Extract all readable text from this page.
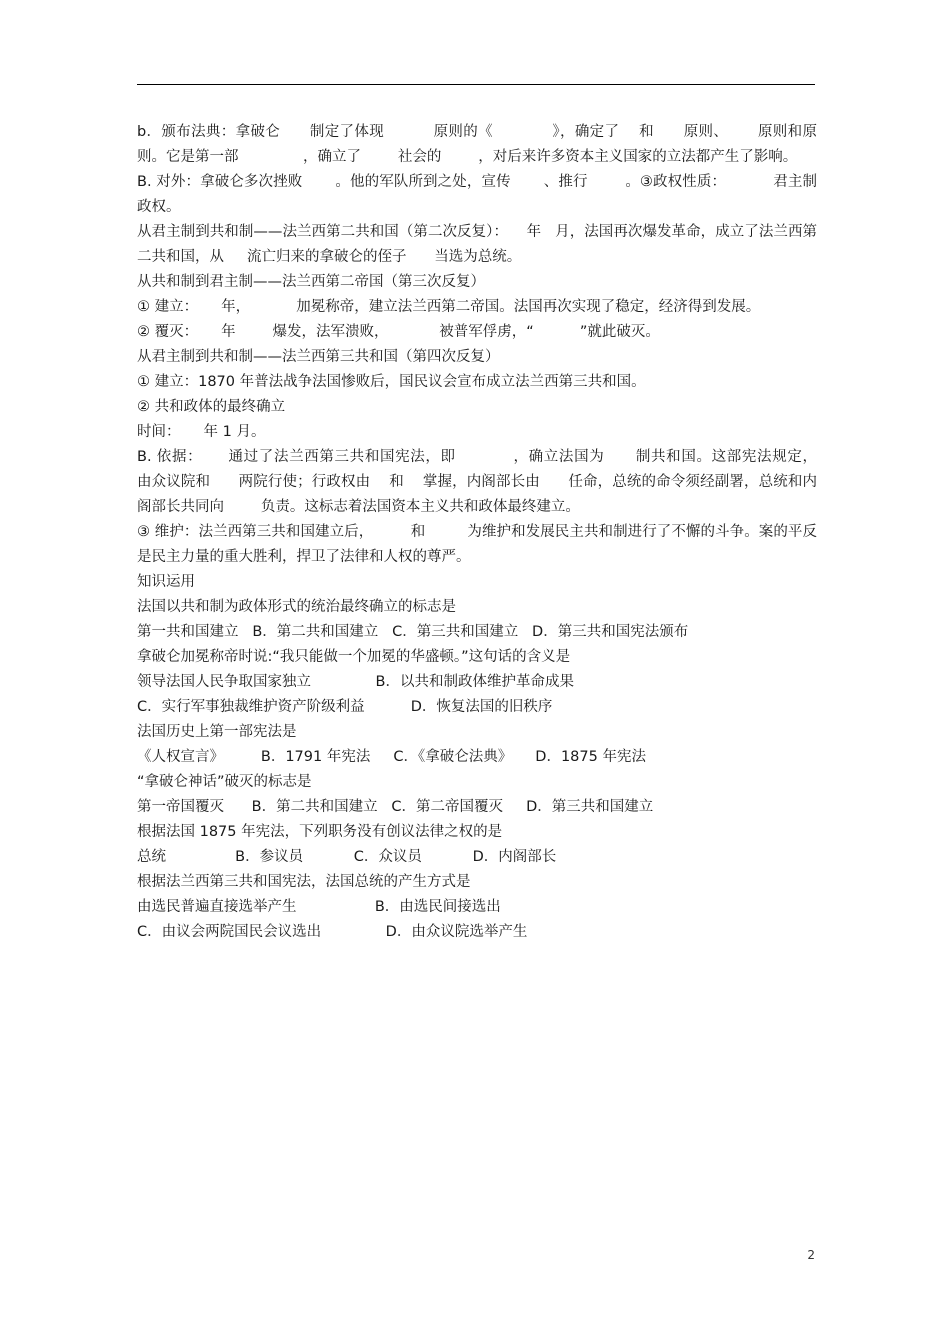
b．颁布法典：拿破仑      制定了体现          原则的《            》，确定了    和      原则、      原则和原则。它是第一部              ，确立了        社会的        ，对后来许多资本主义国家的立法都产生了影响。

B. 对外：拿破仑多次挫败       。他的军队所到之处，宣传       、推行        。③政权性质：          君主制政权。

从君主制到共和制——法兰西第二共和国（第二次反复）：    年   月，法国再次爆发革命，成立了法兰西第二共和国，从     流亡归来的拿破仑的侄子      当选为总统。

从共和制到君主制——法兰西第二帝国（第三次反复）

① 建立：     年，          加冕称帝，建立法兰西第二帝国。法国再次实现了稳定，经济得到发展。

② 覆灭：     年        爆发，法军溃败，           被普军俘虏，“          ”就此破灭。

从君主制到共和制——法兰西第三共和国（第四次反复）

① 建立：1870 年普法战争法国惨败后，国民议会宣布成立法兰西第三共和国。

② 共和政体的最终确立

时间：     年 1 月。

B. 依据：     通过了法兰西第三共和国宪法，即           ，确立法国为      制共和国。这部宪法规定，      由众议院和      两院行使；行政权由    和    掌握，内阁部长由      任命，总统的命令须经副署，总统和内阁部长共同向        负责。这标志着法国资本主义共和政体最终建立。

③ 维护：法兰西第三共和国建立后，        和         为维护和发展民主共和制进行了不懈的斗争。案的平反是民主力量的重大胜利，捍卫了法律和人权的尊严。

知识运用

法国以共和制为政体形式的统治最终确立的标志是

第一共和国建立   B．第二共和国建立   C．第三共和国建立   D．第三共和国宪法颁布

拿破仑加冕称帝时说:“我只能做一个加冕的华盛顿。”这句话的含义是

领导法国人民争取国家独立              B．以共和制政体维护革命成果

C．实行军事独裁维护资产阶级利益          D．恢复法国的旧秩序

法国历史上第一部宪法是

《人权宣言》        B．1791 年宪法     C．《拿破仑法典》     D．1875 年宪法

“拿破仑神话”破灭的标志是

第一帝国覆灭      B．第二共和国建立   C．第二帝国覆灭     D．第三共和国建立

根据法国 1875 年宪法，下列职务没有创议法律之权的是

总统               B．参议员           C．众议员           D．内阁部长

根据法兰西第三共和国宪法，法国总统的产生方式是

由选民普遍直接选举产生                 B．由选民间接选出

C．由议会两院国民会议选出              D．由众议院选举产生

2
